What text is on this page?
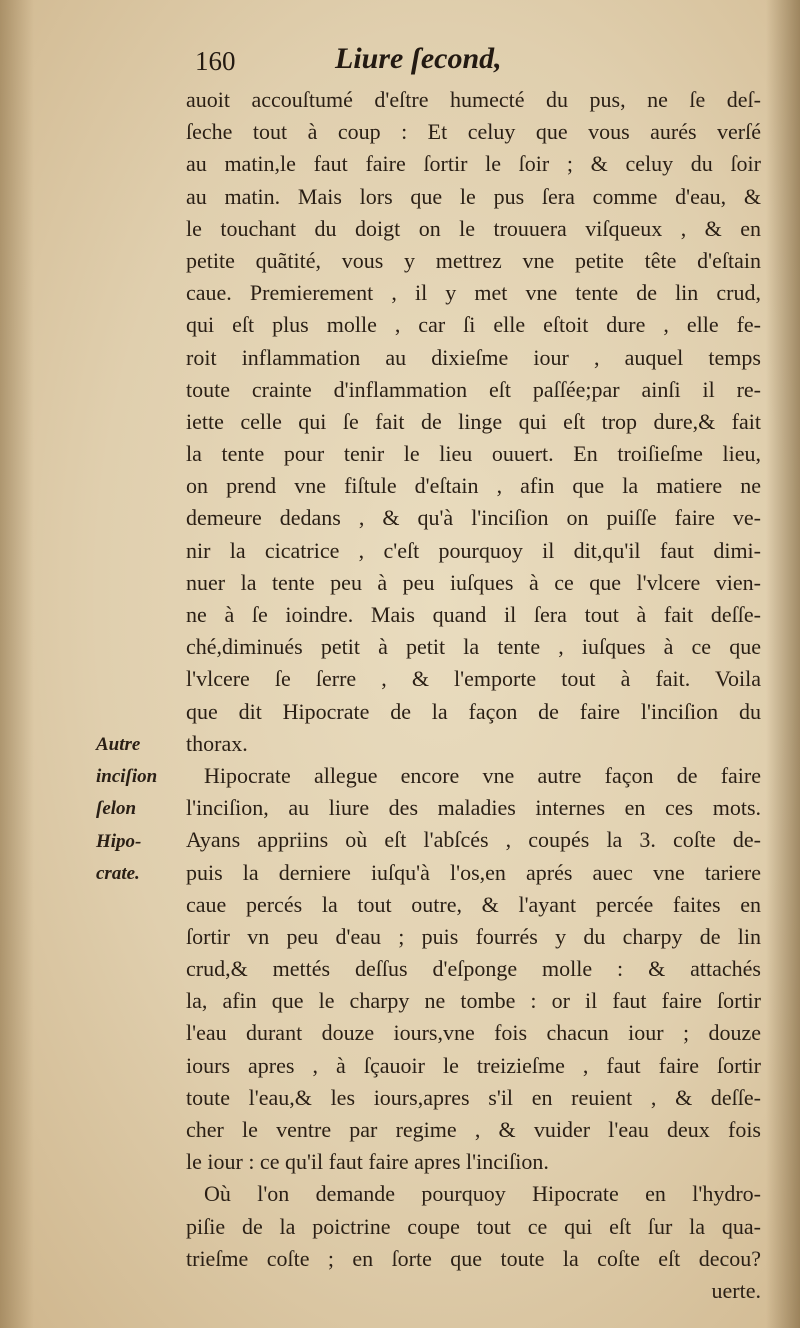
160	Liure ſecond,
Autre
inciſion
ſelon
Hipo-
crate.
auoit accouſtumé d'eſtre humecté du pus, ne ſe deſ-
ſeche tout à coup : Et celuy que vous aurés verſé
au matin,le faut faire ſortir le ſoir ; & celuy du ſoir
au matin. Mais lors que le pus ſera comme d'eau, &
le touchant du doigt on le trouuera viſqueux , & en
petite quãtité, vous y mettrez vne petite tête d'eſtain
caue. Premierement , il y met vne tente de lin crud,
qui eſt plus molle , car ſi elle eſtoit dure , elle fe-
roit inflammation au dixieſme iour , auquel temps
toute crainte d'inflammation eſt paſſée;par ainſi il re-
iette celle qui ſe fait de linge qui eſt trop dure,& fait
la tente pour tenir le lieu ouuert. En troiſieſme lieu,
on prend vne fiſtule d'eſtain , afin que la matiere ne
demeure dedans , & qu'à l'inciſion on puiſſe faire ve-
nir la cicatrice , c'eſt pourquoy il dit,qu'il faut dimi-
nuer la tente peu à peu iuſques à ce que l'vlcere vien-
ne à ſe ioindre. Mais quand il ſera tout à fait deſſe-
ché,diminués petit à petit la tente , iuſques à ce que
l'vlcere ſe ſerre , & l'emporte tout à fait. Voila
que dit Hipocrate de la façon de faire l'inciſion du
thorax.
Hipocrate allegue encore vne autre façon de faire
l'inciſion, au liure des maladies internes en ces mots.
Ayans appriins où eſt l'abſcés , coupés la 3. coſte de-
puis la derniere iuſqu'à l'os,en aprés auec vne tariere
caue percés la tout outre, & l'ayant percée faites en
ſortir vn peu d'eau ; puis fourrés y du charpy de lin
crud,& mettés deſſus d'eſponge molle : & attachés
la, afin que le charpy ne tombe : or il faut faire ſortir
l'eau durant douze iours,vne fois chacun iour ; douze
iours apres , à ſçauoir le treizieſme , faut faire ſortir
toute l'eau,& les iours,apres s'il en reuient , & deſſe-
cher le ventre par regime , & vuider l'eau deux fois
le iour : ce qu'il faut faire apres l'inciſion.
Où l'on demande pourquoy Hipocrate en l'hydro-
piſie de la poictrine coupe tout ce qui eſt ſur la qua-
trieſme coſte ; en ſorte que toute la coſte eſt decou?
uerte.
